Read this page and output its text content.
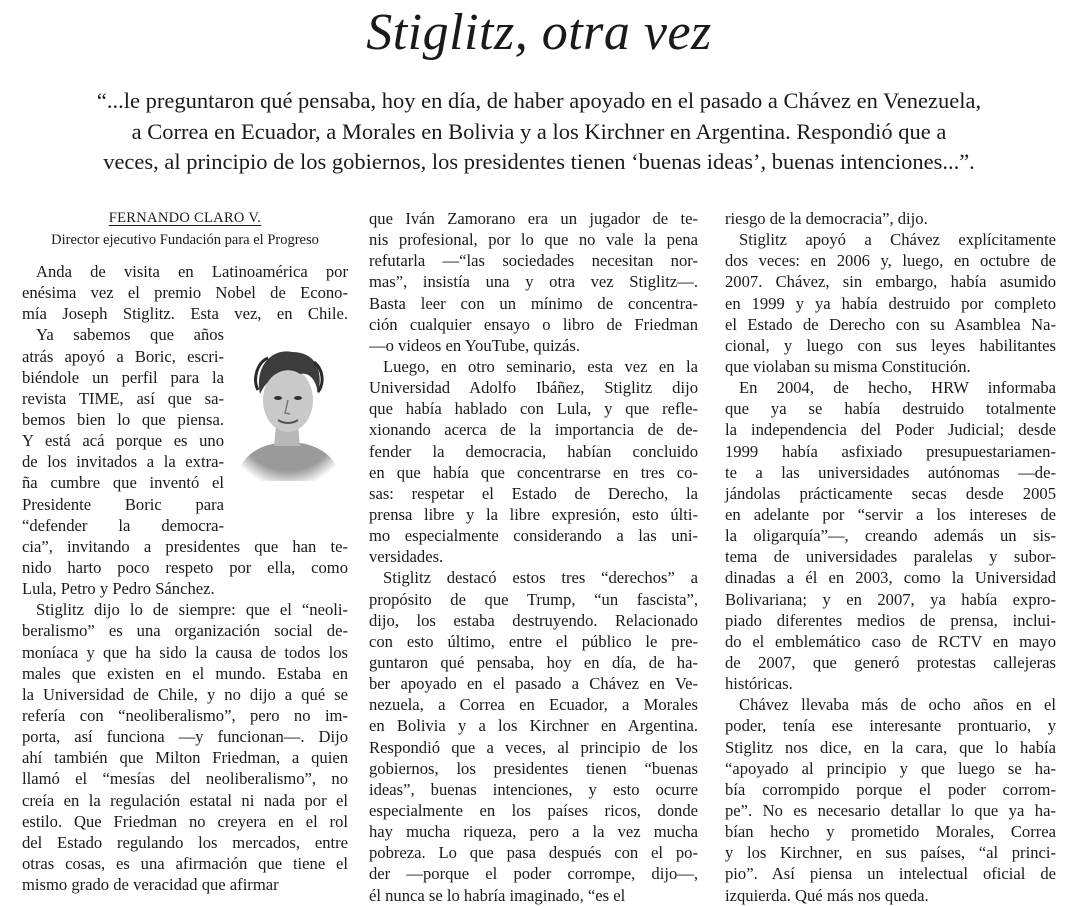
Stiglitz, otra vez
“...le preguntaron qué pensaba, hoy en día, de haber apoyado en el pasado a Chávez en Venezuela,
a Correa en Ecuador, a Morales en Bolivia y a los Kirchner en Argentina. Respondió que a
veces, al principio de los gobiernos, los presidentes tienen ‘buenas ideas’, buenas intenciones...”.
FERNANDO CLARO V.
Director ejecutivo Fundación para el Progreso
Anda de visita en Latinoamérica por
enésima vez el premio Nobel de Econo-
mía Joseph Stiglitz. Esta vez, en Chile.
Ya sabemos que años
atrás apoyó a Boric, escri-
biéndole un perfil para la
revista TIME, así que sa-
bemos bien lo que piensa.
Y está acá porque es uno
de los invitados a la extra-
ña cumbre que inventó el
Presidente Boric para
“defender la democra-
cia”, invitando a presidentes que han te-
nido harto poco respeto por ella, como
Lula, Petro y Pedro Sánchez.
Stiglitz dijo lo de siempre: que el “neoli-
beralismo” es una organización social de-
moníaca y que ha sido la causa de todos los
males que existen en el mundo. Estaba en
la Universidad de Chile, y no dijo a qué se
refería con “neoliberalismo”, pero no im-
porta, así funciona —y funcionan—. Dijo
ahí también que Milton Friedman, a quien
llamó el “mesías del neoliberalismo”, no
creía en la regulación estatal ni nada por el
estilo. Que Friedman no creyera en el rol
del Estado regulando los mercados, entre
otras cosas, es una afirmación que tiene el
mismo grado de veracidad que afirmar
que Iván Zamorano era un jugador de te-
nis profesional, por lo que no vale la pena
refutarla —“las sociedades necesitan nor-
mas”, insistía una y otra vez Stiglitz—.
Basta leer con un mínimo de concentra-
ción cualquier ensayo o libro de Friedman
—o videos en YouTube, quizás.
Luego, en otro seminario, esta vez en la
Universidad Adolfo Ibáñez, Stiglitz dijo
que había hablado con Lula, y que refle-
xionando acerca de la importancia de de-
fender la democracia, habían concluido
en que había que concentrarse en tres co-
sas: respetar el Estado de Derecho, la
prensa libre y la libre expresión, esto últi-
mo especialmente considerando a las uni-
versidades.
Stiglitz destacó estos tres “derechos” a
propósito de que Trump, “un fascista”,
dijo, los estaba destruyendo. Relacionado
con esto último, entre el público le pre-
guntaron qué pensaba, hoy en día, de ha-
ber apoyado en el pasado a Chávez en Ve-
nezuela, a Correa en Ecuador, a Morales
en Bolivia y a los Kirchner en Argentina.
Respondió que a veces, al principio de los
gobiernos, los presidentes tienen “buenas
ideas”, buenas intenciones, y esto ocurre
especialmente en los países ricos, donde
hay mucha riqueza, pero a la vez mucha
pobreza. Lo que pasa después con el po-
der —porque el poder corrompe, dijo—,
él nunca se lo habría imaginado, “es el
riesgo de la democracia”, dijo.
Stiglitz apoyó a Chávez explícitamente
dos veces: en 2006 y, luego, en octubre de
2007. Chávez, sin embargo, había asumido
en 1999 y ya había destruido por completo
el Estado de Derecho con su Asamblea Na-
cional, y luego con sus leyes habilitantes
que violaban su misma Constitución.
En 2004, de hecho, HRW informaba
que ya se había destruido totalmente
la independencia del Poder Judicial; desde
1999 había asfixiado presupuestariamen-
te a las universidades autónomas —de-
jándolas prácticamente secas desde 2005
en adelante por “servir a los intereses de
la oligarquía”—, creando además un sis-
tema de universidades paralelas y subor-
dinadas a él en 2003, como la Universidad
Bolivariana; y en 2007, ya había expro-
piado diferentes medios de prensa, inclui-
do el emblemático caso de RCTV en mayo
de 2007, que generó protestas callejeras
históricas.
Chávez llevaba más de ocho años en el
poder, tenía ese interesante prontuario, y
Stiglitz nos dice, en la cara, que lo había
“apoyado al principio y que luego se ha-
bía corrompido porque el poder corrom-
pe”. No es necesario detallar lo que ya ha-
bían hecho y prometido Morales, Correa
y los Kirchner, en sus países, “al princi-
pio”. Así piensa un intelectual oficial de
izquierda. Qué más nos queda.
